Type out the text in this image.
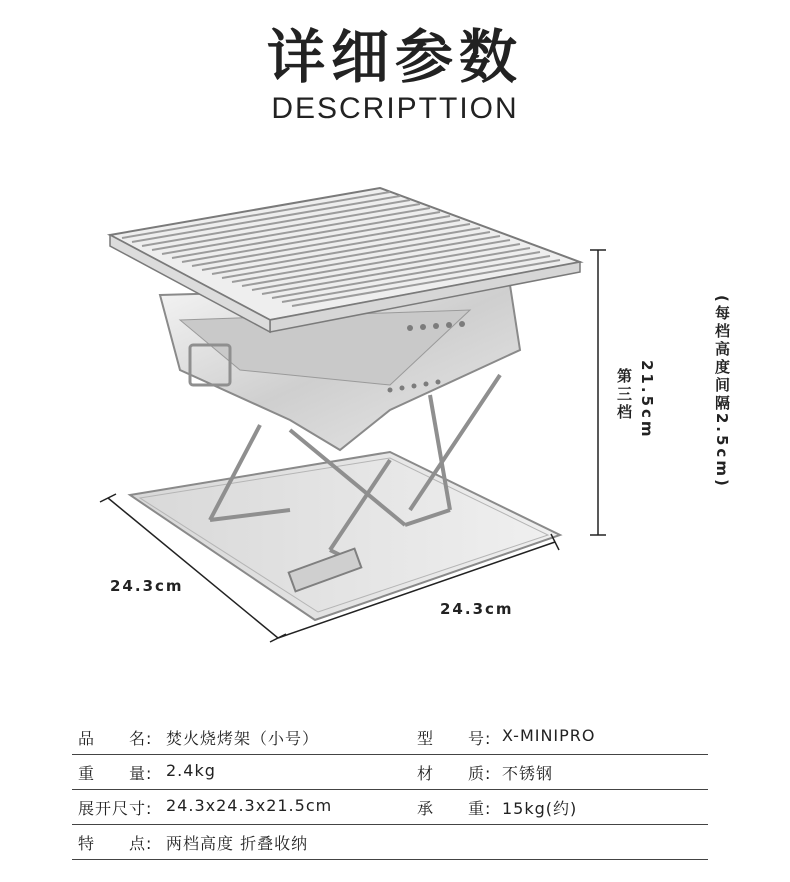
详细参数
DESCRIPTTION
24.3cm
24.3cm
21.5cm
第三档	(每档高度间隔2.5cm)
品　　名: 焚火烧烤架（小号）	型　　号: X-MINIPRO
重　　量: 2.4kg	材　　质: 不锈钢
展开尺寸: 24.3x24.3x21.5cm	承　　重: 15kg(约)
特　　点: 两档高度 折叠收纳
